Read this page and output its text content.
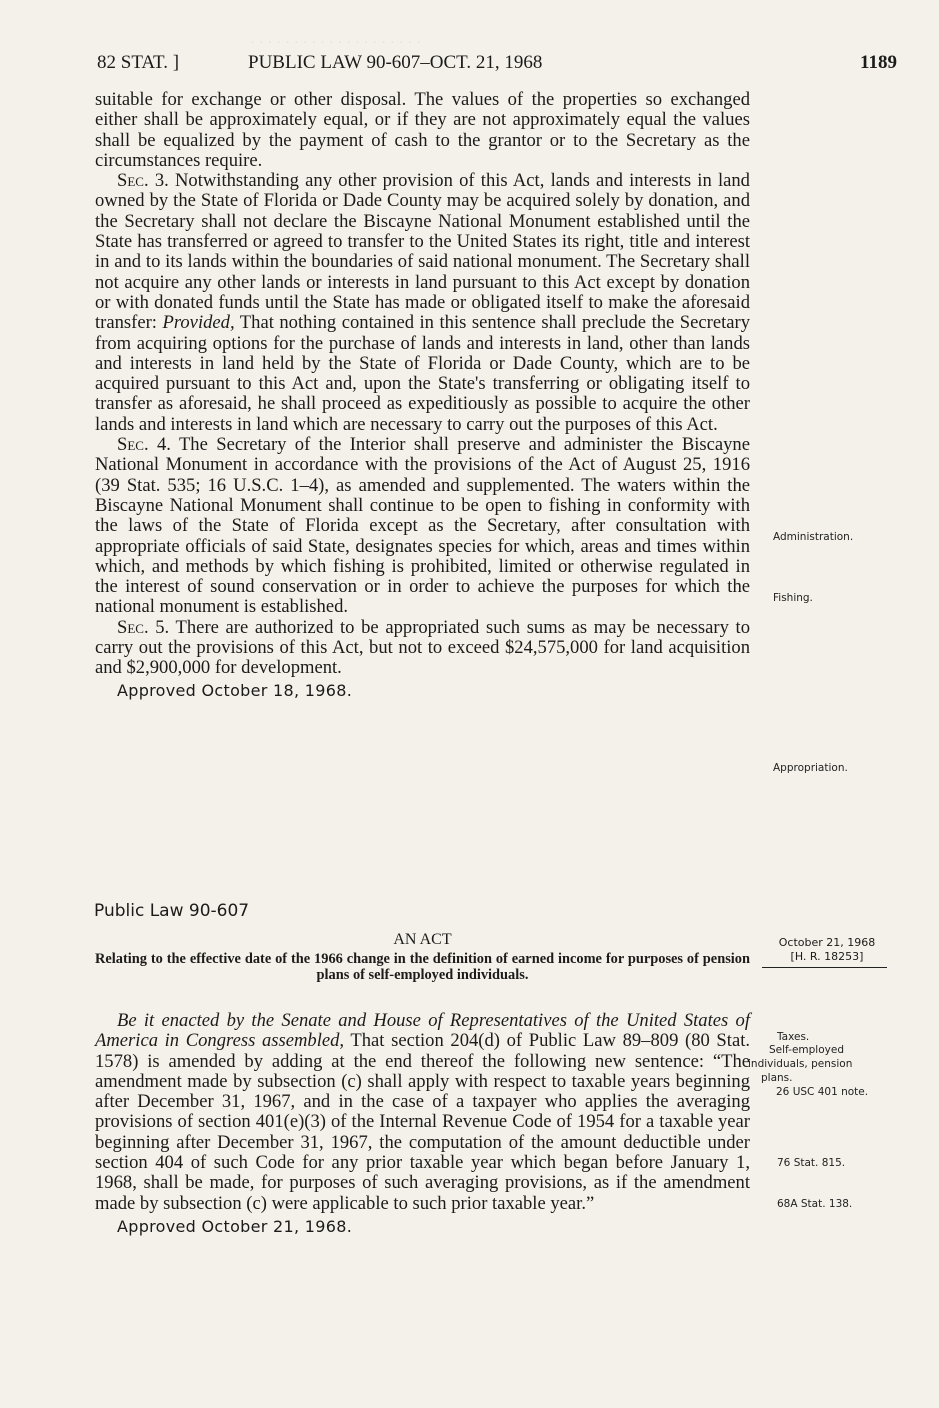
· · · · · · · · · · · · · · · · · · · ·
82 STAT. ]	PUBLIC LAW 90-607–OCT. 21, 1968	1189

suitable for exchange or other disposal. The values of the properties so exchanged either shall be approximately equal, or if they are not approximately equal the values shall be equalized by the payment of cash to the grantor or to the Secretary as the circumstances require.

Sec. 3. Notwithstanding any other provision of this Act, lands and interests in land owned by the State of Florida or Dade County may be acquired solely by donation, and the Secretary shall not declare the Biscayne National Monument established until the State has transferred or agreed to transfer to the United States its right, title and interest in and to its lands within the boundaries of said national monument. The Secretary shall not acquire any other lands or interests in land pursuant to this Act except by donation or with donated funds until the State has made or obligated itself to make the aforesaid transfer: Provided, That nothing contained in this sentence shall preclude the Secretary from acquiring options for the purchase of lands and interests in land, other than lands and interests in land held by the State of Florida or Dade County, which are to be acquired pursuant to this Act and, upon the State's transferring or obligating itself to transfer as aforesaid, he shall proceed as expeditiously as possible to acquire the other lands and interests in land which are necessary to carry out the purposes of this Act.

Sec. 4. The Secretary of the Interior shall preserve and administer the Biscayne National Monument in accordance with the provisions of the Act of August 25, 1916 (39 Stat. 535; 16 U.S.C. 1–4), as amended and supplemented. The waters within the Biscayne National Monument shall continue to be open to fishing in conformity with the laws of the State of Florida except as the Secretary, after consultation with appropriate officials of said State, designates species for which, areas and times within which, and methods by which fishing is prohibited, limited or otherwise regulated in the interest of sound conservation or in order to achieve the purposes for which the national monument is established.

Sec. 5. There are authorized to be appropriated such sums as may be necessary to carry out the provisions of this Act, but not to exceed $24,575,000 for land acquisition and $2,900,000 for development.

Approved October 18, 1968.
Public Law 90-607
AN ACT
Relating to the effective date of the 1966 change in the definition of earned income for purposes of pension plans of self-employed individuals.

Be it enacted by the Senate and House of Representatives of the United States of America in Congress assembled, That section 204(d) of Public Law 89–809 (80 Stat. 1578) is amended by adding at the end thereof the following new sentence: “The amendment made by subsection (c) shall apply with respect to taxable years beginning after December 31, 1967, and in the case of a taxpayer who applies the averaging provisions of section 401(e)(3) of the Internal Revenue Code of 1954 for a taxable year beginning after December 31, 1967, the computation of the amount deductible under section 404 of such Code for any prior taxable year which began before January 1, 1968, shall be made, for purposes of such averaging provisions, as if the amendment made by subsection (c) were applicable to such prior taxable year.”

Approved October 21, 1968.
Administration.
Fishing.
Appropriation.
October 21, 1968
[H. R. 18253]
Taxes.
Self-employed
individuals, pension
plans.
26 USC 401 note.
76 Stat. 815.
68A Stat. 138.
